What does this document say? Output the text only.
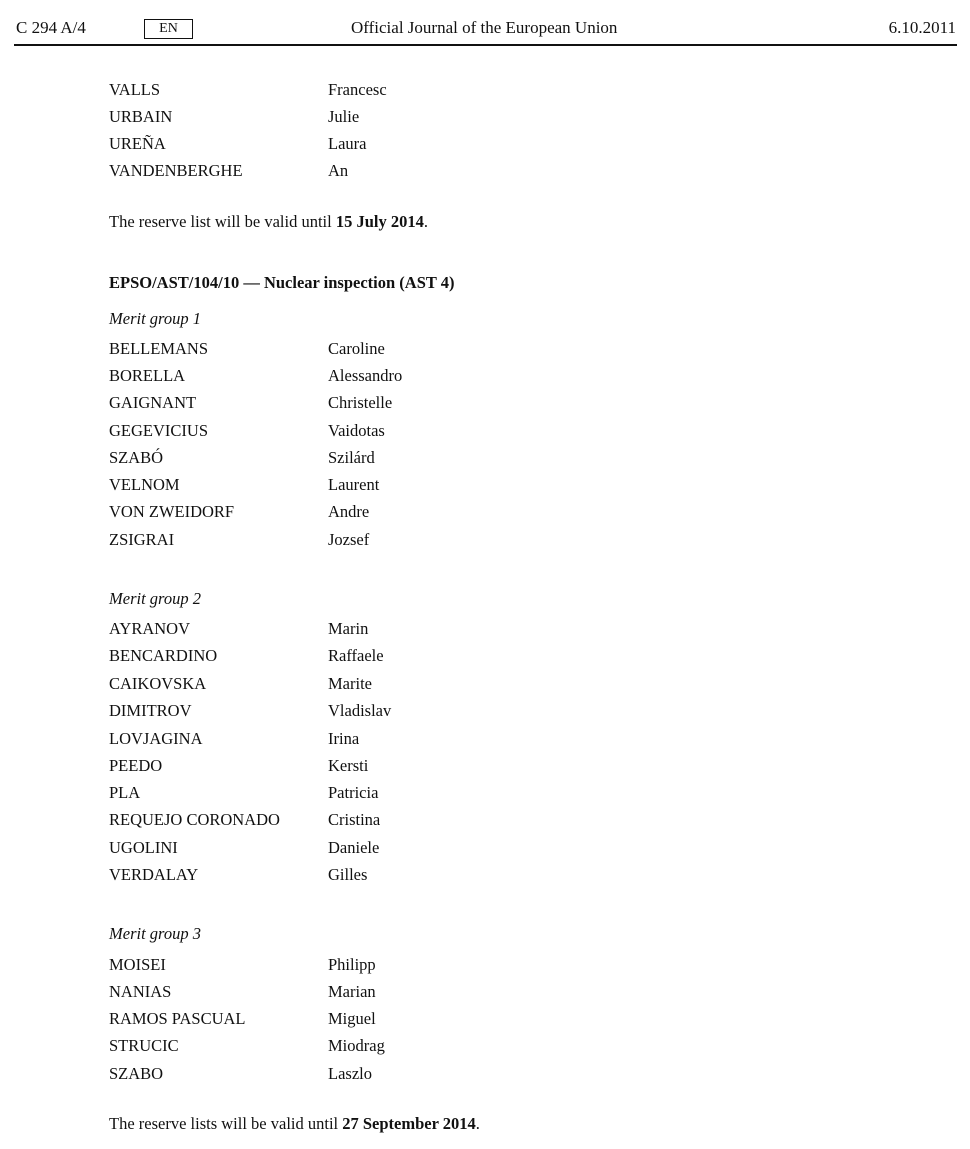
C 294 A/4	EN	Official Journal of the European Union	6.10.2011
VALLS	Francesc
URBAIN	Julie
UREÑA	Laura
VANDENBERGHE	An
The reserve list will be valid until 15 July 2014.
EPSO/AST/104/10 — Nuclear inspection (AST 4)
Merit group 1
BELLEMANS	Caroline
BORELLA	Alessandro
GAIGNANT	Christelle
GEGEVICIUS	Vaidotas
SZABÓ	Szilárd
VELNOM	Laurent
VON ZWEIDORF	Andre
ZSIGRAI	Jozsef
Merit group 2
AYRANOV	Marin
BENCARDINO	Raffaele
CAIKOVSKA	Marite
DIMITROV	Vladislav
LOVJAGINA	Irina
PEEDO	Kersti
PLA	Patricia
REQUEJO CORONADO	Cristina
UGOLINI	Daniele
VERDALAY	Gilles
Merit group 3
MOISEI	Philipp
NANIAS	Marian
RAMOS PASCUAL	Miguel
STRUCIC	Miodrag
SZABO	Laszlo
The reserve lists will be valid until 27 September 2014.
